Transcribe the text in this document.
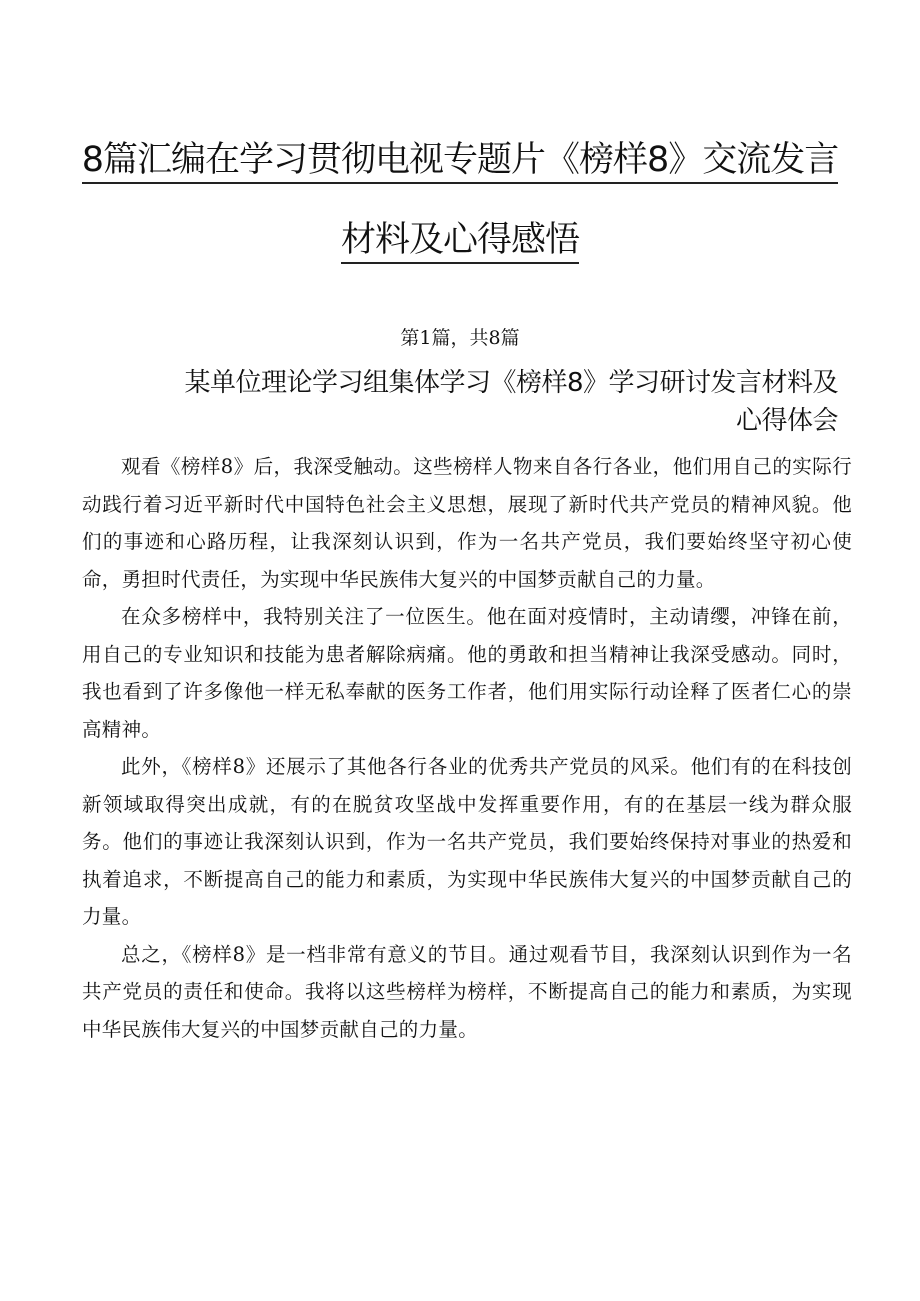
8篇汇编在学习贯彻电视专题片《榜样8》交流发言
材料及心得感悟
第1篇，共8篇
某单位理论学习组集体学习《榜样8》学习研讨发言材料及
心得体会

观看《榜样8》后，我深受触动。这些榜样人物来自各行各业，他们用自己的实际行动践行着习近平新时代中国特色社会主义思想，展现了新时代共产党员的精神风貌。他们的事迹和心路历程，让我深刻认识到，作为一名共产党员，我们要始终坚守初心使命，勇担时代责任，为实现中华民族伟大复兴的中国梦贡献自己的力量。

在众多榜样中，我特别关注了一位医生。他在面对疫情时，主动请缨，冲锋在前，用自己的专业知识和技能为患者解除病痛。他的勇敢和担当精神让我深受感动。同时，我也看到了许多像他一样无私奉献的医务工作者，他们用实际行动诠释了医者仁心的崇高精神。

此外，《榜样8》还展示了其他各行各业的优秀共产党员的风采。他们有的在科技创新领域取得突出成就，有的在脱贫攻坚战中发挥重要作用，有的在基层一线为群众服务。他们的事迹让我深刻认识到，作为一名共产党员，我们要始终保持对事业的热爱和执着追求，不断提高自己的能力和素质，为实现中华民族伟大复兴的中国梦贡献自己的力量。

总之，《榜样8》是一档非常有意义的节目。通过观看节目，我深刻认识到作为一名共产党员的责任和使命。我将以这些榜样为榜样，不断提高自己的能力和素质，为实现中华民族伟大复兴的中国梦贡献自己的力量。
